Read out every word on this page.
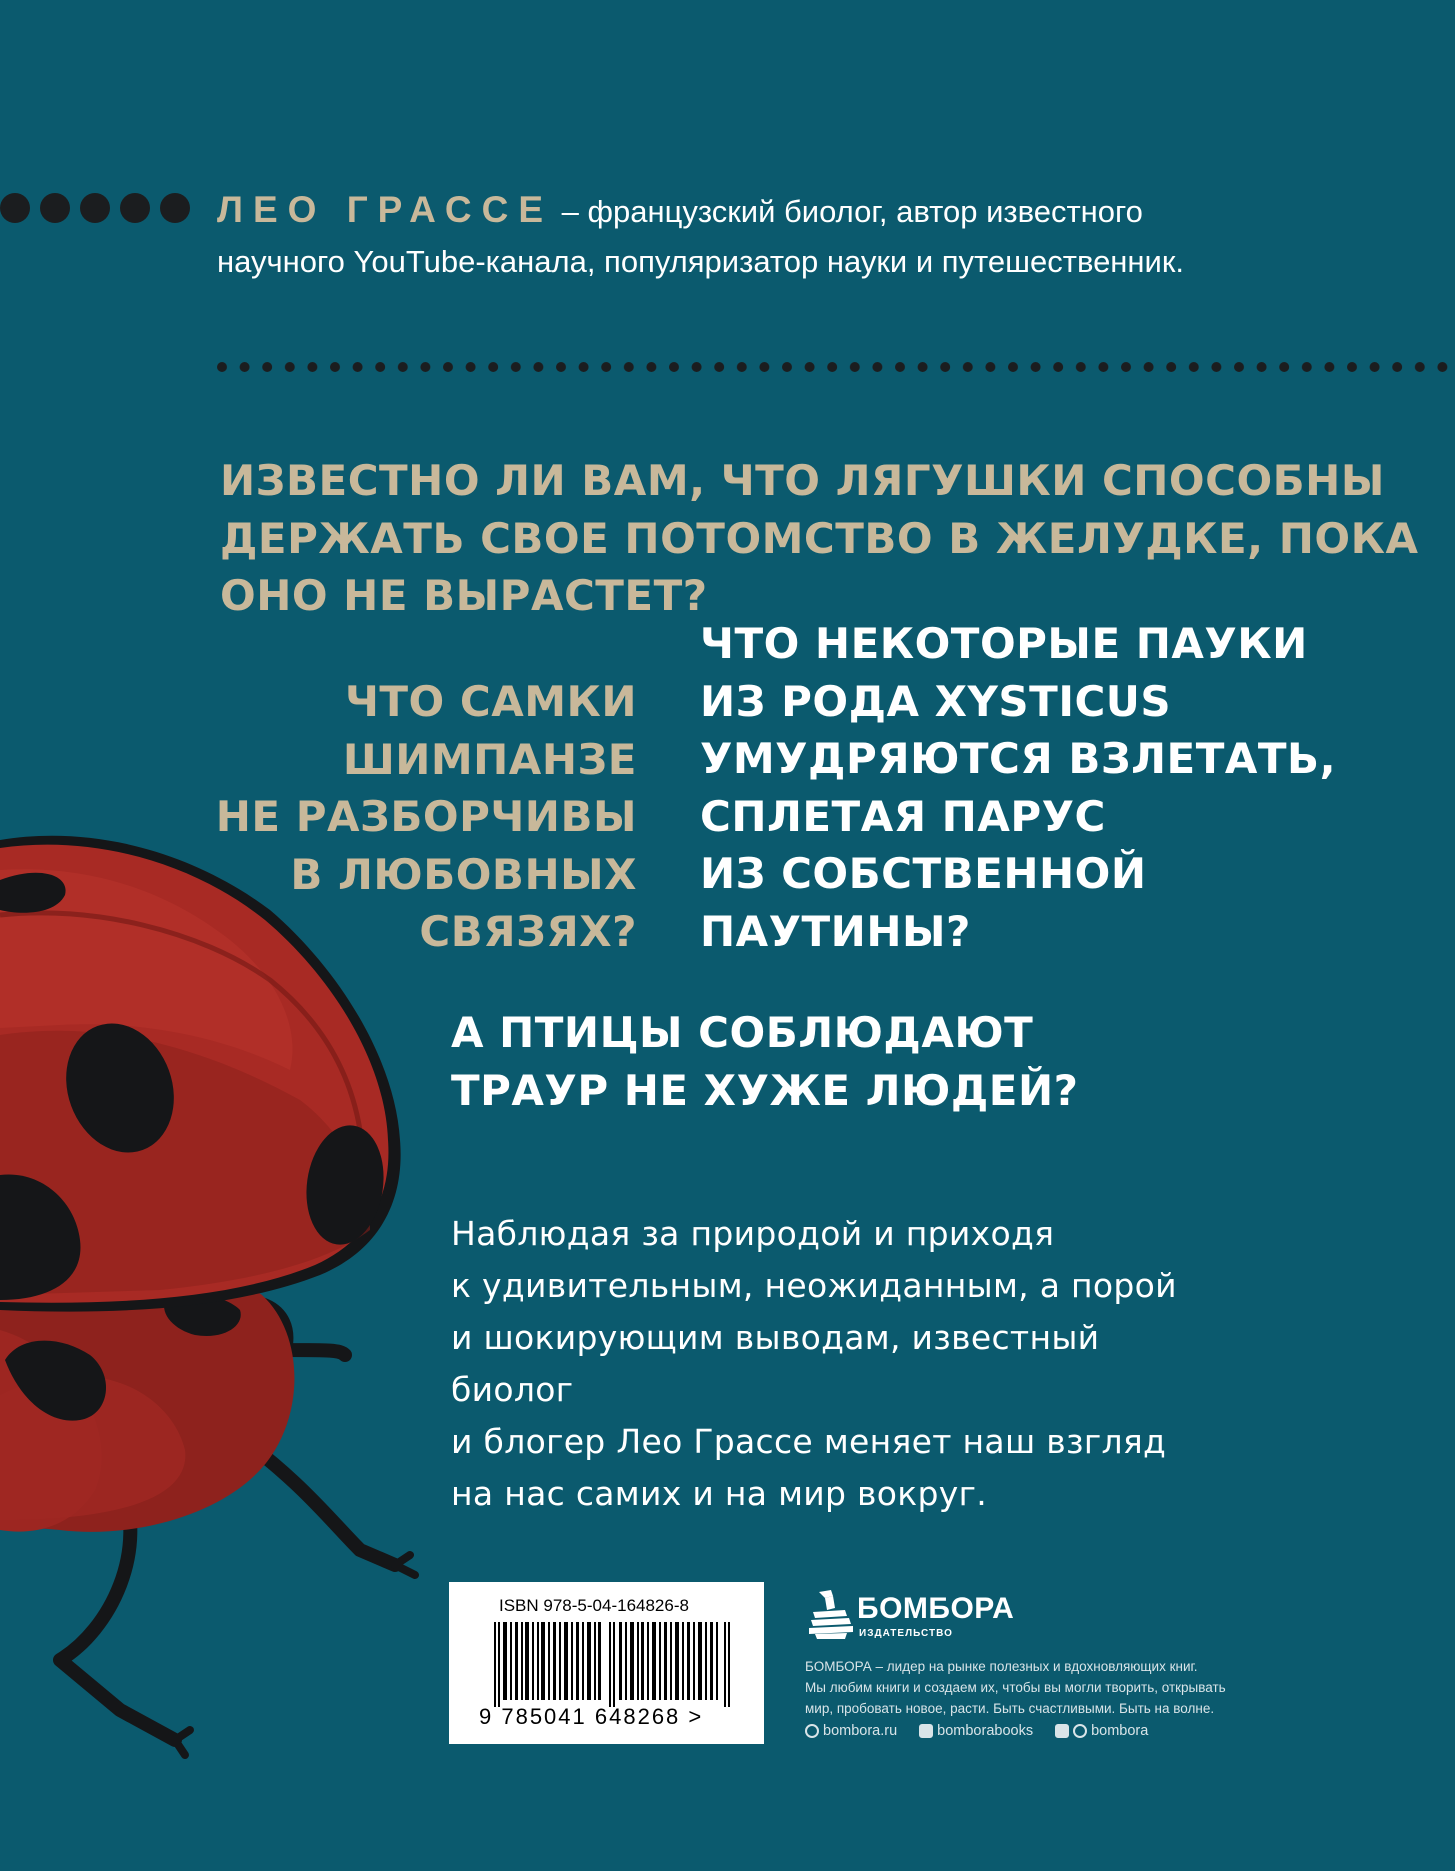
ЛЕО ГРАССЕ – французский биолог, автор известного
научного YouTube-канала, популяризатор науки и путешественник.
ИЗВЕСТНО ЛИ ВАМ, ЧТО ЛЯГУШКИ СПОСОБНЫ
ДЕРЖАТЬ СВОЕ ПОТОМСТВО В ЖЕЛУДКЕ, ПОКА
ОНО НЕ ВЫРАСТЕТ?
ЧТО САМКИ
ШИМПАНЗЕ
НЕ РАЗБОРЧИВЫ
В ЛЮБОВНЫХ
СВЯЗЯХ?
ЧТО НЕКОТОРЫЕ ПАУКИ
ИЗ РОДА XYSTICUS
УМУДРЯЮТСЯ ВЗЛЕТАТЬ,
СПЛЕТАЯ ПАРУС
ИЗ СОБСТВЕННОЙ
ПАУТИНЫ?
А ПТИЦЫ СОБЛЮДАЮТ
ТРАУР НЕ ХУЖЕ ЛЮДЕЙ?
Наблюдая за природой и приходя
к удивительным, неожиданным, а порой
и шокирующим выводам, известный биолог
и блогер Лео Грассе меняет наш взгляд
на нас самих и на мир вокруг.
ISBN 978-5-04-164826-8
9 785041 648268 >
БОМБОРА
ИЗДАТЕЛЬСТВО
БОМБОРА – лидер на рынке полезных и вдохновляющих книг.
Мы любим книги и создаем их, чтобы вы могли творить, открывать
мир, пробовать новое, расти. Быть счастливыми. Быть на волне.
bombora.ru	bomborabooks	bombora
